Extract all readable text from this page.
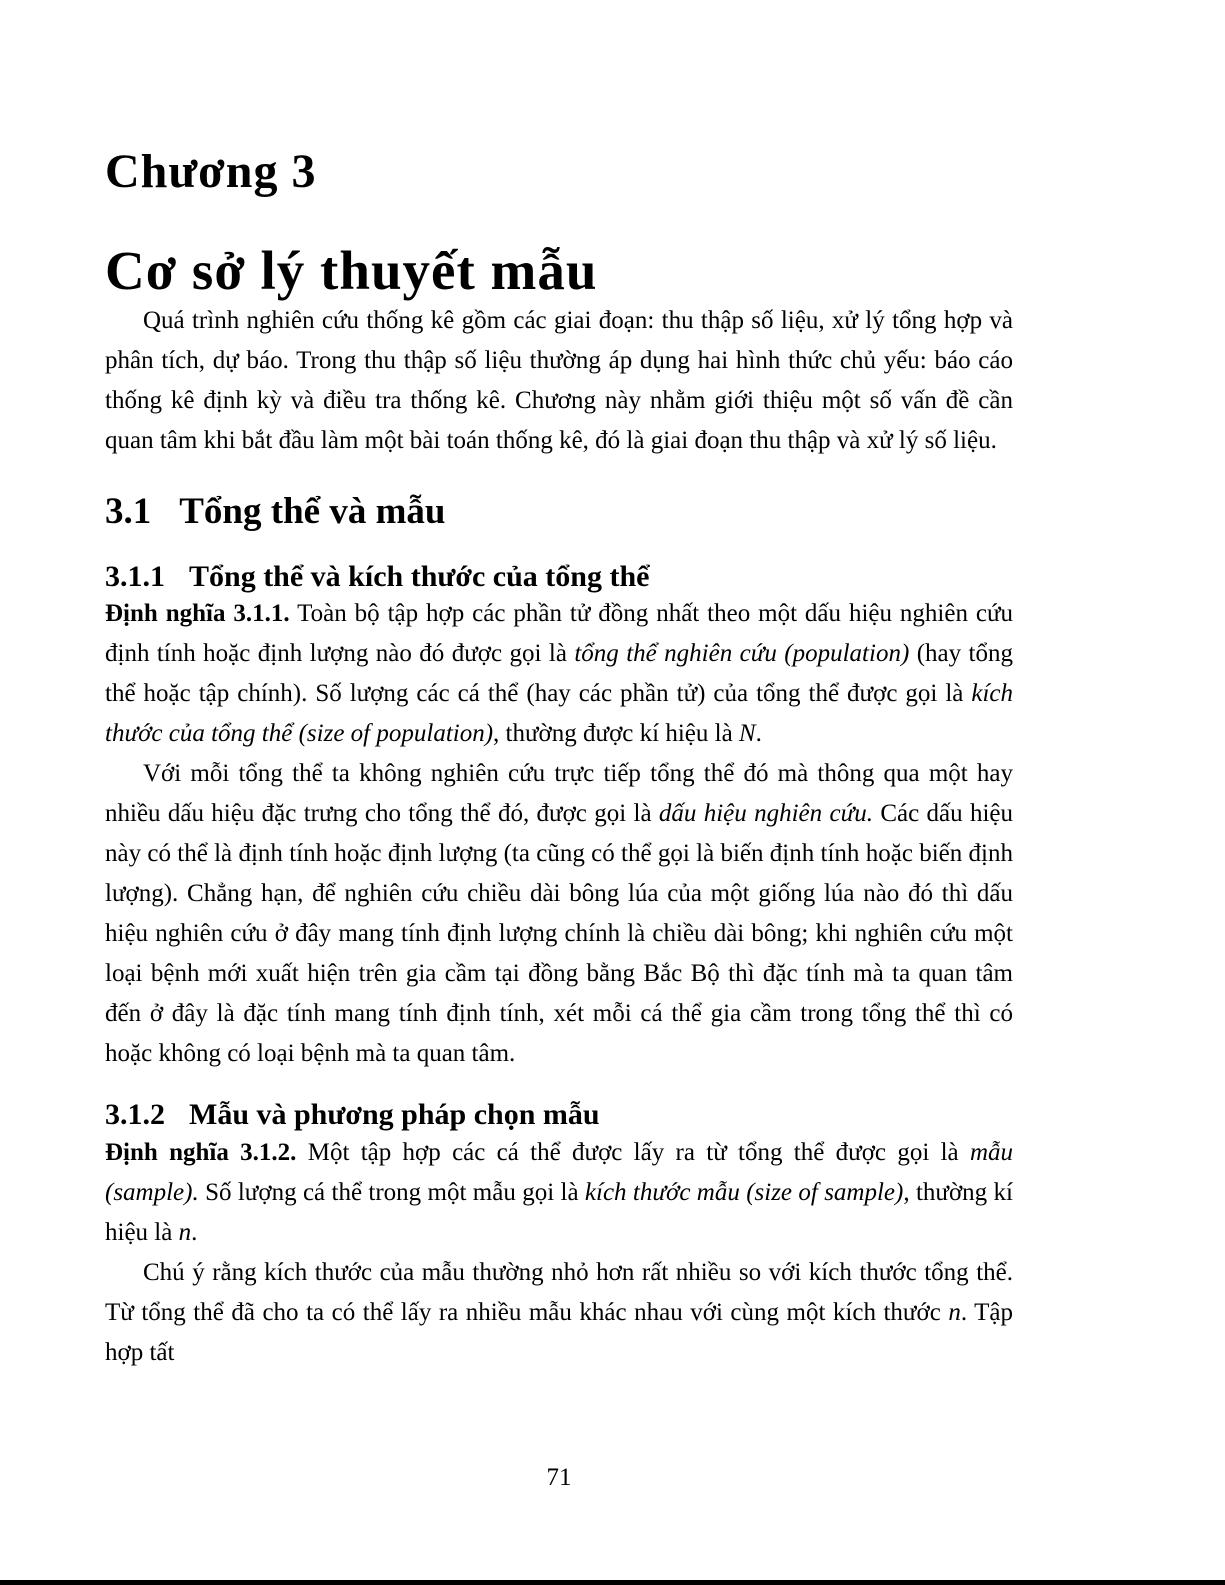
Chương 3
Cơ sở lý thuyết mẫu

Quá trình nghiên cứu thống kê gồm các giai đoạn: thu thập số liệu, xử lý tổng hợp và phân tích, dự báo. Trong thu thập số liệu thường áp dụng hai hình thức chủ yếu: báo cáo thống kê định kỳ và điều tra thống kê. Chương này nhằm giới thiệu một số vấn đề cần quan tâm khi bắt đầu làm một bài toán thống kê, đó là giai đoạn thu thập và xử lý số liệu.

3.1 Tổng thể và mẫu
3.1.1 Tổng thể và kích thước của tổng thể

Định nghĩa 3.1.1. Toàn bộ tập hợp các phần tử đồng nhất theo một dấu hiệu nghiên cứu định tính hoặc định lượng nào đó được gọi là tổng thể nghiên cứu (population) (hay tổng thể hoặc tập chính). Số lượng các cá thể (hay các phần tử) của tổng thể được gọi là kích thước của tổng thể (size of population), thường được kí hiệu là N.

Với mỗi tổng thể ta không nghiên cứu trực tiếp tổng thể đó mà thông qua một hay nhiều dấu hiệu đặc trưng cho tổng thể đó, được gọi là dấu hiệu nghiên cứu. Các dấu hiệu này có thể là định tính hoặc định lượng (ta cũng có thể gọi là biến định tính hoặc biến định lượng). Chẳng hạn, để nghiên cứu chiều dài bông lúa của một giống lúa nào đó thì dấu hiệu nghiên cứu ở đây mang tính định lượng chính là chiều dài bông; khi nghiên cứu một loại bệnh mới xuất hiện trên gia cầm tại đồng bằng Bắc Bộ thì đặc tính mà ta quan tâm đến ở đây là đặc tính mang tính định tính, xét mỗi cá thể gia cầm trong tổng thể thì có hoặc không có loại bệnh mà ta quan tâm.

3.1.2 Mẫu và phương pháp chọn mẫu

Định nghĩa 3.1.2. Một tập hợp các cá thể được lấy ra từ tổng thể được gọi là mẫu (sample). Số lượng cá thể trong một mẫu gọi là kích thước mẫu (size of sample), thường kí hiệu là n.

Chú ý rằng kích thước của mẫu thường nhỏ hơn rất nhiều so với kích thước tổng thể. Từ tổng thể đã cho ta có thể lấy ra nhiều mẫu khác nhau với cùng một kích thước n. Tập hợp tất

71
